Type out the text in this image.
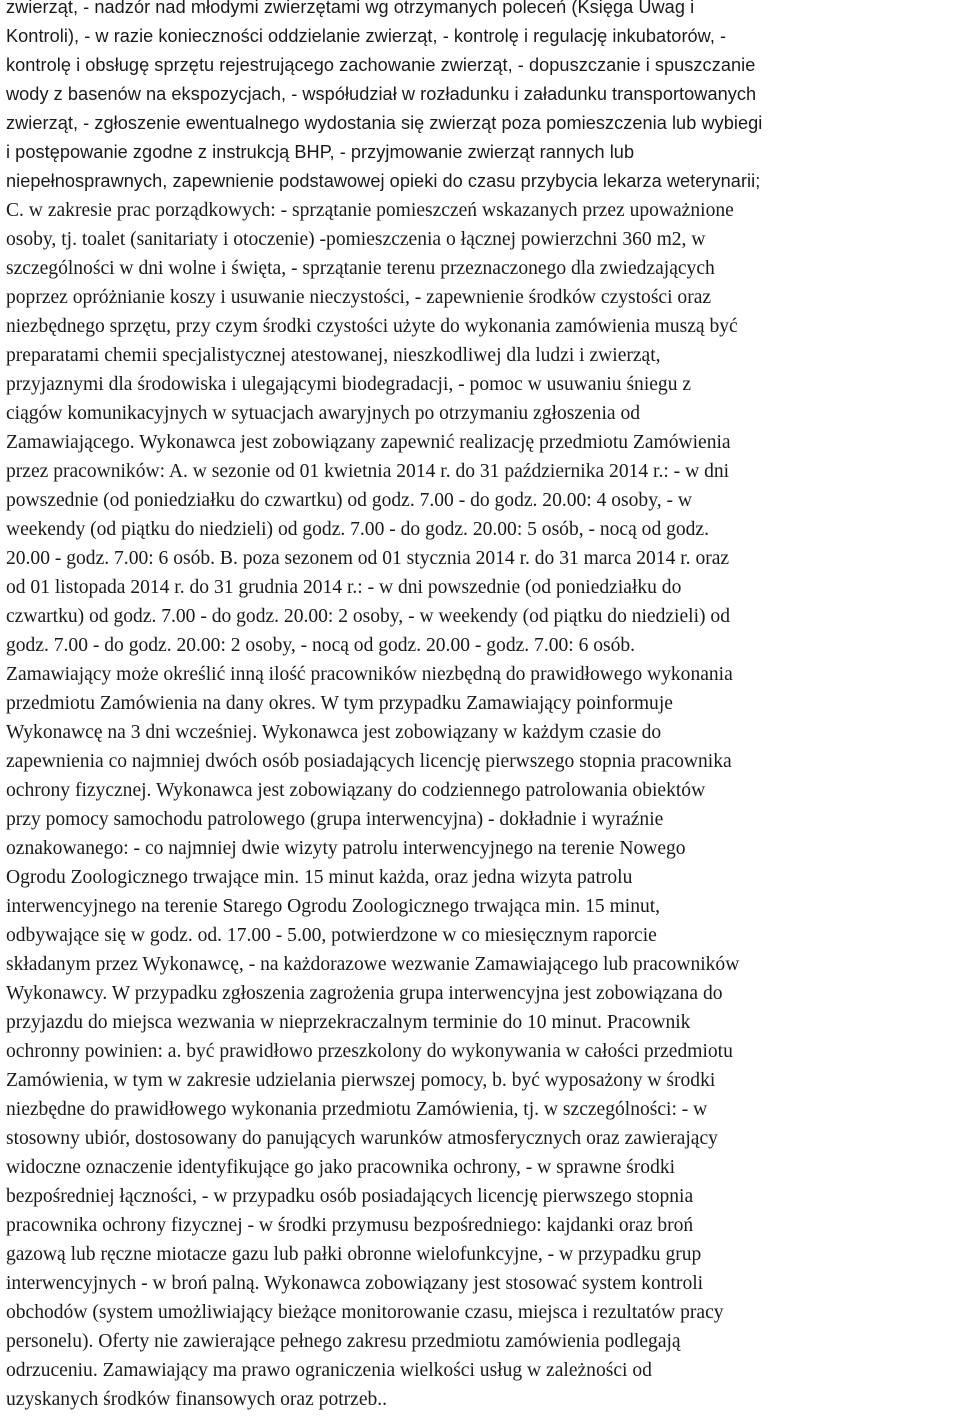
zwierząt, - nadzór nad młodymi zwierzętami wg otrzymanych poleceń (Księga Uwag i
Kontroli), - w razie konieczności oddzielanie zwierząt, - kontrolę i regulację inkubatorów, -
kontrolę i obsługę sprzętu rejestrującego zachowanie zwierząt, - dopuszczanie i spuszczanie
wody z basenów na ekspozycjach, - współudział w rozładunku i załadunku transportowanych
zwierząt, - zgłoszenie ewentualnego wydostania się zwierząt poza pomieszczenia lub wybiegi
i postępowanie zgodne z instrukcją BHP, - przyjmowanie zwierząt rannych lub
niepełnosprawnych, zapewnienie podstawowej opieki do czasu przybycia lekarza weterynarii;
C. w zakresie prac porządkowych: - sprzątanie pomieszczeń wskazanych przez upoważnione
osoby, tj. toalet (sanitariaty i otoczenie) -pomieszczenia o łącznej powierzchni 360 m2, w
szczególności w dni wolne i święta, - sprzątanie terenu przeznaczonego dla zwiedzających
poprzez opróżnianie koszy i usuwanie nieczystości, - zapewnienie środków czystości oraz
niezbędnego sprzętu, przy czym środki czystości użyte do wykonania zamówienia muszą być
preparatami chemii specjalistycznej atestowanej, nieszkodliwej dla ludzi i zwierząt,
przyjaznymi dla środowiska i ulegającymi biodegradacji, - pomoc w usuwaniu śniegu z
ciągów komunikacyjnych w sytuacjach awaryjnych po otrzymaniu zgłoszenia od
Zamawiającego. Wykonawca jest zobowiązany zapewnić realizację przedmiotu Zamówienia
przez pracowników: A. w sezonie od 01 kwietnia 2014 r. do 31 października 2014 r.: - w dni
powszednie (od poniedziałku do czwartku) od godz. 7.00 - do godz. 20.00: 4 osoby, - w
weekendy (od piątku do niedzieli) od godz. 7.00 - do godz. 20.00: 5 osób, - nocą od godz.
20.00 - godz. 7.00: 6 osób. B. poza sezonem od 01 stycznia 2014 r. do 31 marca 2014 r. oraz
od 01 listopada 2014 r. do 31 grudnia 2014 r.: - w dni powszednie (od poniedziałku do
czwartku) od godz. 7.00 - do godz. 20.00: 2 osoby, - w weekendy (od piątku do niedzieli) od
godz. 7.00 - do godz. 20.00: 2 osoby, - nocą od godz. 20.00 - godz. 7.00: 6 osób.
Zamawiający może określić inną ilość pracowników niezbędną do prawidłowego wykonania
przedmiotu Zamówienia na dany okres. W tym przypadku Zamawiający poinformuje
Wykonawcę na 3 dni wcześniej. Wykonawca jest zobowiązany w każdym czasie do
zapewnienia co najmniej dwóch osób posiadających licencję pierwszego stopnia pracownika
ochrony fizycznej. Wykonawca jest zobowiązany do codziennego patrolowania obiektów
przy pomocy samochodu patrolowego (grupa interwencyjna) - dokładnie i wyraźnie
oznakowanego: - co najmniej dwie wizyty patrolu interwencyjnego na terenie Nowego
Ogrodu Zoologicznego trwające min. 15 minut każda, oraz jedna wizyta patrolu
interwencyjnego na terenie Starego Ogrodu Zoologicznego trwająca min. 15 minut,
odbywające się w godz. od. 17.00 - 5.00, potwierdzone w co miesięcznym raporcie
składanym przez Wykonawcę, - na każdorazowe wezwanie Zamawiającego lub pracowników
Wykonawcy. W przypadku zgłoszenia zagrożenia grupa interwencyjna jest zobowiązana do
przyjazdu do miejsca wezwania w nieprzekraczalnym terminie do 10 minut. Pracownik
ochronny powinien: a. być prawidłowo przeszkolony do wykonywania w całości przedmiotu
Zamówienia, w tym w zakresie udzielania pierwszej pomocy, b. być wyposażony w środki
niezbędne do prawidłowego wykonania przedmiotu Zamówienia, tj. w szczególności: - w
stosowny ubiór, dostosowany do panujących warunków atmosferycznych oraz zawierający
widoczne oznaczenie identyfikujące go jako pracownika ochrony, - w sprawne środki
bezpośredniej łączności, - w przypadku osób posiadających licencję pierwszego stopnia
pracownika ochrony fizycznej - w środki przymusu bezpośredniego: kajdanki oraz broń
gazową lub ręczne miotacze gazu lub pałki obronne wielofunkcyjne, - w przypadku grup
interwencyjnych - w broń palną. Wykonawca zobowiązany jest stosować system kontroli
obchodów (system umożliwiający bieżące monitorowanie czasu, miejsca i rezultatów pracy
personelu). Oferty nie zawierające pełnego zakresu przedmiotu zamówienia podlegają
odrzuceniu. Zamawiający ma prawo ograniczenia wielkości usług w zależności od
uzyskanych środków finansowych oraz potrzeb..
